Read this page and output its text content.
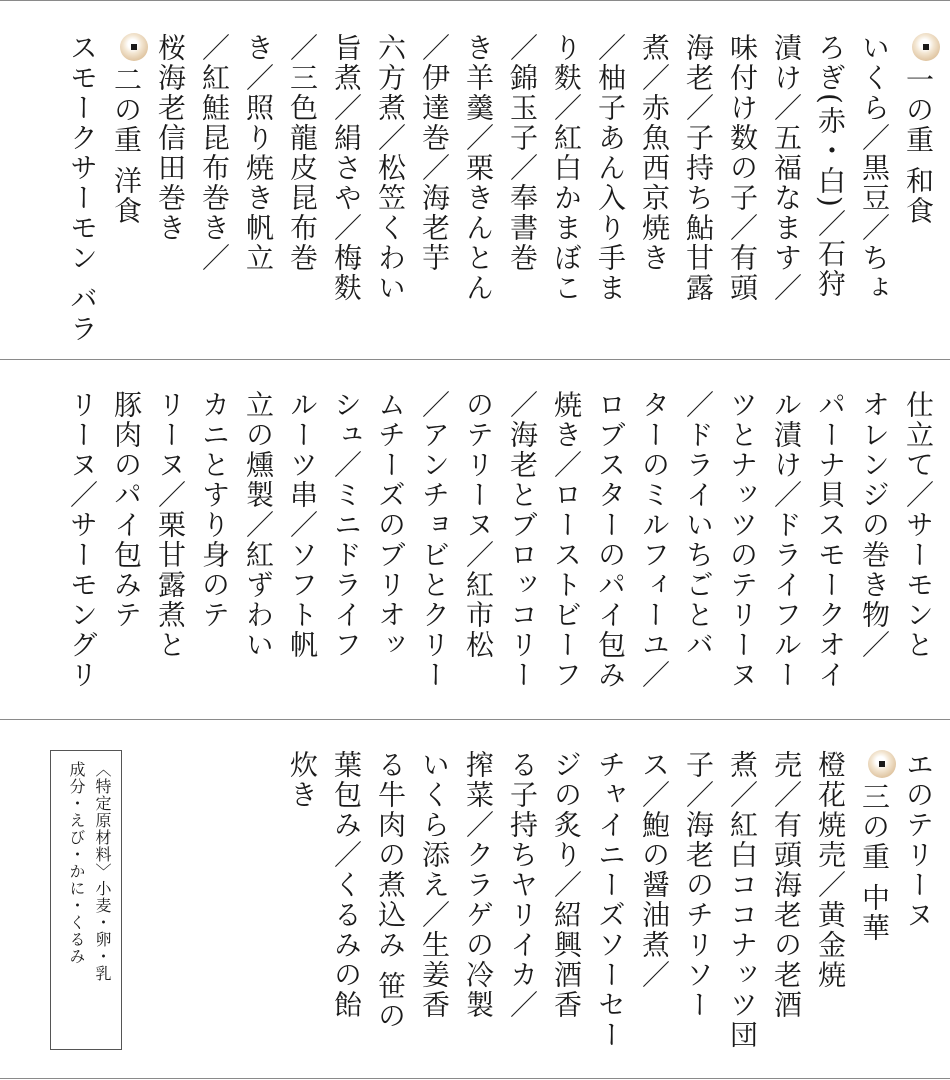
一の重 和食
いくら／黒豆／ちょ
ろぎ(赤・白)／石狩
漬け／五福なます／
味付け数の子／有頭
海老／子持ち鮎甘露
煮／赤魚西京焼き
／柚子あん入り手ま
り麩／紅白かまぼこ
／錦玉子／奉書巻
き羊羹／栗きんとん
／伊達巻／海老芋
六方煮／松笠くわい
旨煮／絹さや／梅麩
／三色龍皮昆布巻
き／照り焼き帆立
／紅鮭昆布巻き／
桜海老信田巻き
二の重 洋食
スモークサーモン バラ
仕立て／サーモンと
オレンジの巻き物／
パーナ貝スモークオイ
ル漬け／ドライフルー
ツとナッツのテリーヌ
／ドライいちごとバ
ターのミルフィーユ／
ロブスターのパイ包み
焼き／ローストビーフ
／海老とブロッコリー
のテリーヌ／紅市松
／アンチョビとクリー
ムチーズのブリオッ
シュ／ミニドライフ
ルーツ串／ソフト帆
立の燻製／紅ずわい
カニとすり身のテ
リーヌ／栗甘露煮と
豚肉のパイ包みテ
リーヌ／サーモングリ
エのテリーヌ
三の重 中華
橙花焼売／黄金焼
売／有頭海老の老酒
煮／紅白ココナッツ団
子／海老のチリソー
ス／鮑の醤油煮／
チャイニーズソーセー
ジの炙り／紹興酒香
る子持ちヤリイカ／
搾菜／クラゲの冷製
いくら添え／生姜香
る牛肉の煮込み 笹の
葉包み／くるみの飴
炊き
〈特定原材料〉小麦・卵・乳
成分・えび・かに・くるみ
